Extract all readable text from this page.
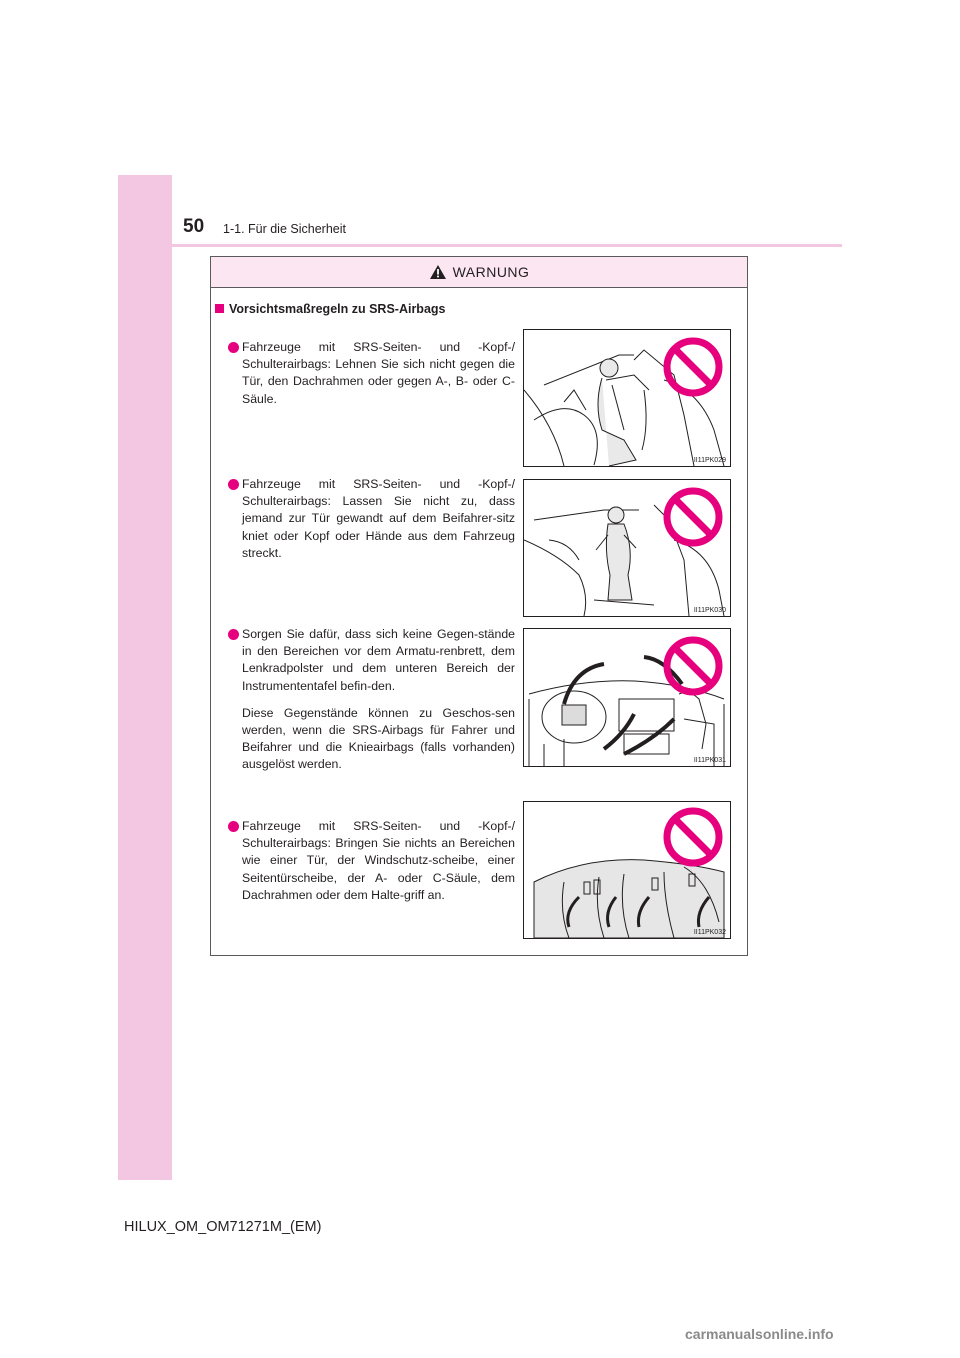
50 1-1. Für die Sicherheit
WARNUNG
Vorsichtsmaßregeln zu SRS-Airbags

Fahrzeuge mit SRS-Seiten- und -Kopf-/ Schulterairbags: Lehnen Sie sich nicht gegen die Tür, den Dachrahmen oder gegen A-, B- oder C-Säule.

II11PK029

Fahrzeuge mit SRS-Seiten- und -Kopf-/ Schulterairbags: Lassen Sie nicht zu, dass jemand zur Tür gewandt auf dem Beifahrer-sitz kniet oder Kopf oder Hände aus dem Fahrzeug streckt.

II11PK030

Sorgen Sie dafür, dass sich keine Gegen-stände in den Bereichen vor dem Armatu-renbrett, dem Lenkradpolster und dem unteren Bereich der Instrumententafel befin-den.

Diese Gegenstände können zu Geschos-sen werden, wenn die SRS-Airbags für Fahrer und Beifahrer und die Knieairbags (falls vorhanden) ausgelöst werden.	II11PK031

Fahrzeuge mit SRS-Seiten- und -Kopf-/ Schulterairbags: Bringen Sie nichts an Bereichen wie einer Tür, der Windschutz-scheibe, einer Seitentürscheibe, der A- oder C-Säule, dem Dachrahmen oder dem Halte-griff an.

II11PK032
HILUX_OM_OM71271M_(EM)
carmanualsonline.info
